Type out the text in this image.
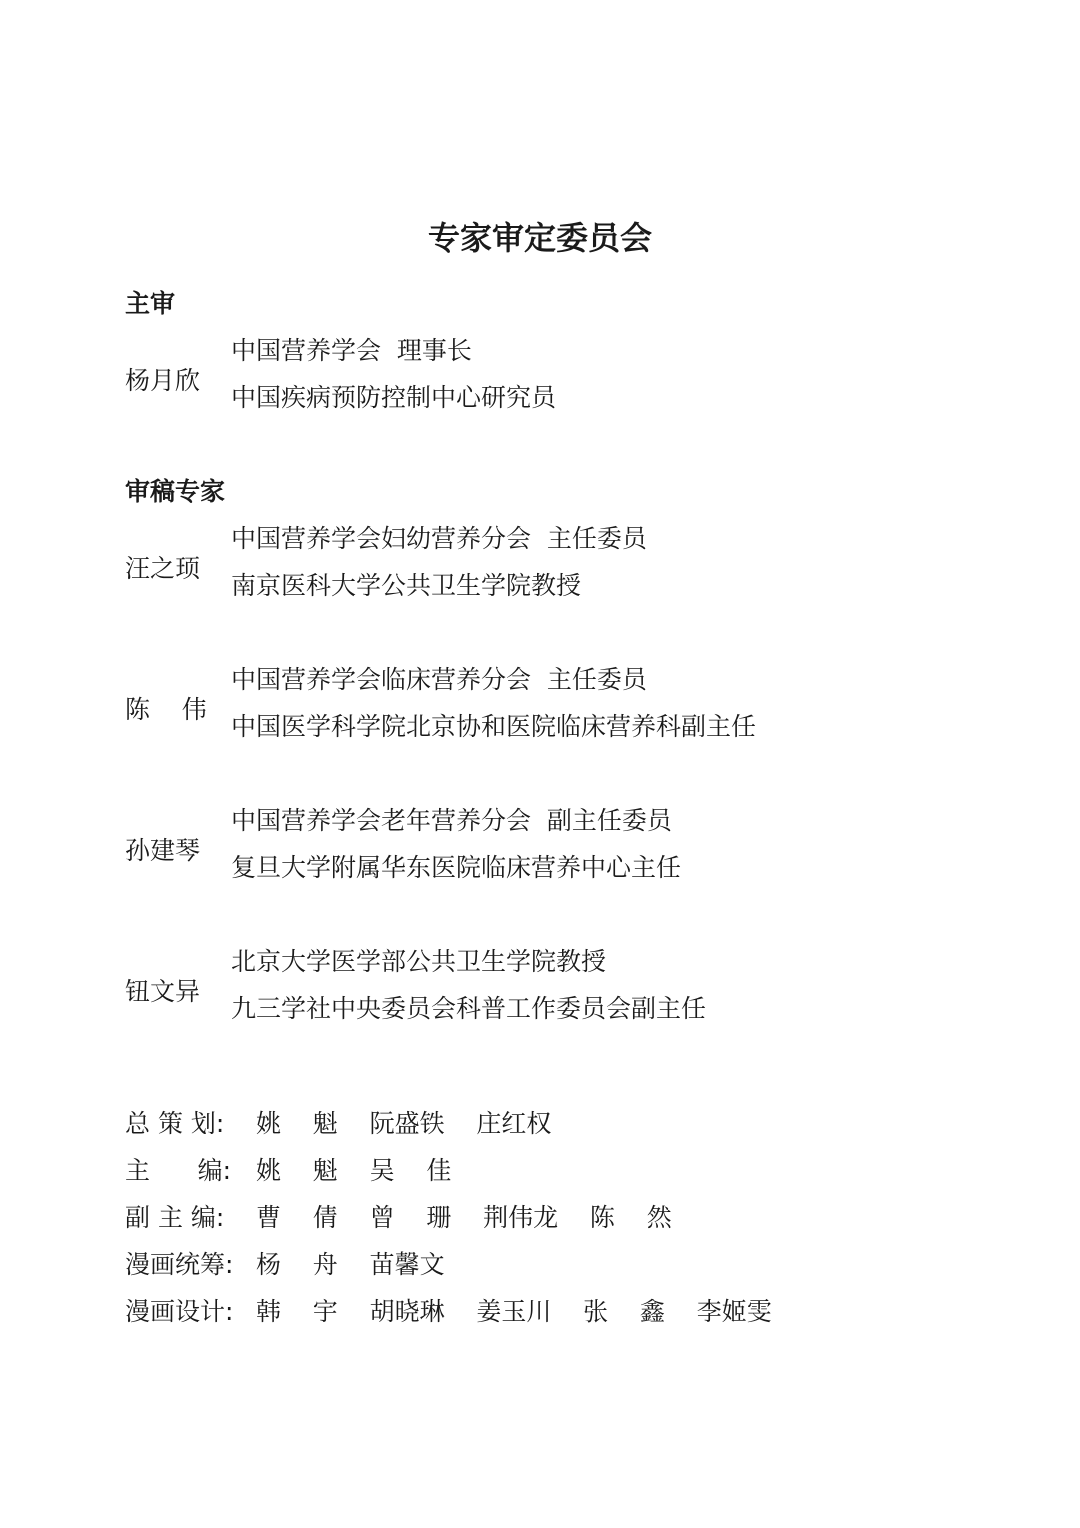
专家审定委员会
主审
杨月欣
中国营养学会  理事长
中国疾病预防控制中心研究员
审稿专家
汪之顼
中国营养学会妇幼营养分会  主任委员
南京医科大学公共卫生学院教授
陈    伟
中国营养学会临床营养分会  主任委员
中国医学科学院北京协和医院临床营养科副主任
孙建琴
中国营养学会老年营养分会  副主任委员
复旦大学附属华东医院临床营养中心主任
钮文异
北京大学医学部公共卫生学院教授
九三学社中央委员会科普工作委员会副主任
总 策 划: 姚    魁    阮盛铁    庄红权
主      编: 姚    魁    吴    佳
副 主 编: 曹    倩    曾    珊    荆伟龙    陈    然
漫画统筹: 杨    舟    苗馨文
漫画设计: 韩    宇    胡晓琳    姜玉川    张    鑫    李姬雯
